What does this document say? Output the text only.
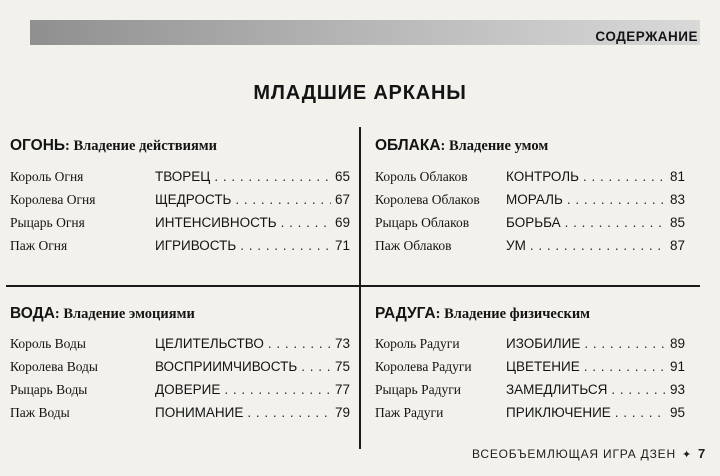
СОДЕРЖАНИЕ
МЛАДШИЕ АРКАНЫ
ОГОНЬ: Владение действиями
Король Огня	ТВОРЕЦ . . .	65
Королева Огня	ЩЕДРОСТЬ . . .	67
Рыцарь Огня	ИНТЕНСИВНОСТЬ . . .	69
Паж Огня	ИГРИВОСТЬ . . .	71
ОБЛАКА: Владение умом
Король Облаков	КОНТРОЛЬ . . .	81
Королева Облаков МОРАЛЬ . . .	83
Рыцарь Облаков	БОРЬБА . . .	85
Паж Облаков	УМ . . .	87
ВОДА: Владение эмоциями
Король Воды	ЦЕЛИТЕЛЬСТВО . . .	73
Королева Воды	ВОСПРИИМЧИВОСТЬ . . .	75
Рыцарь Воды	ДОВЕРИЕ . . .	77
Паж Воды	ПОНИМАНИЕ . . .	79
РАДУГА: Владение физическим
Король Радуги	ИЗОБИЛИЕ . . .	89
Королева Радуги	ЦВЕТЕНИЕ . . .	91
Рыцарь Радуги	ЗАМЕДЛИТЬСЯ . . .	93
Паж Радуги	ПРИКЛЮЧЕНИЕ . . .	95
ВСЕОБЪЕМЛЮЩАЯ ИГРА ДЗЕН ✦ 7
